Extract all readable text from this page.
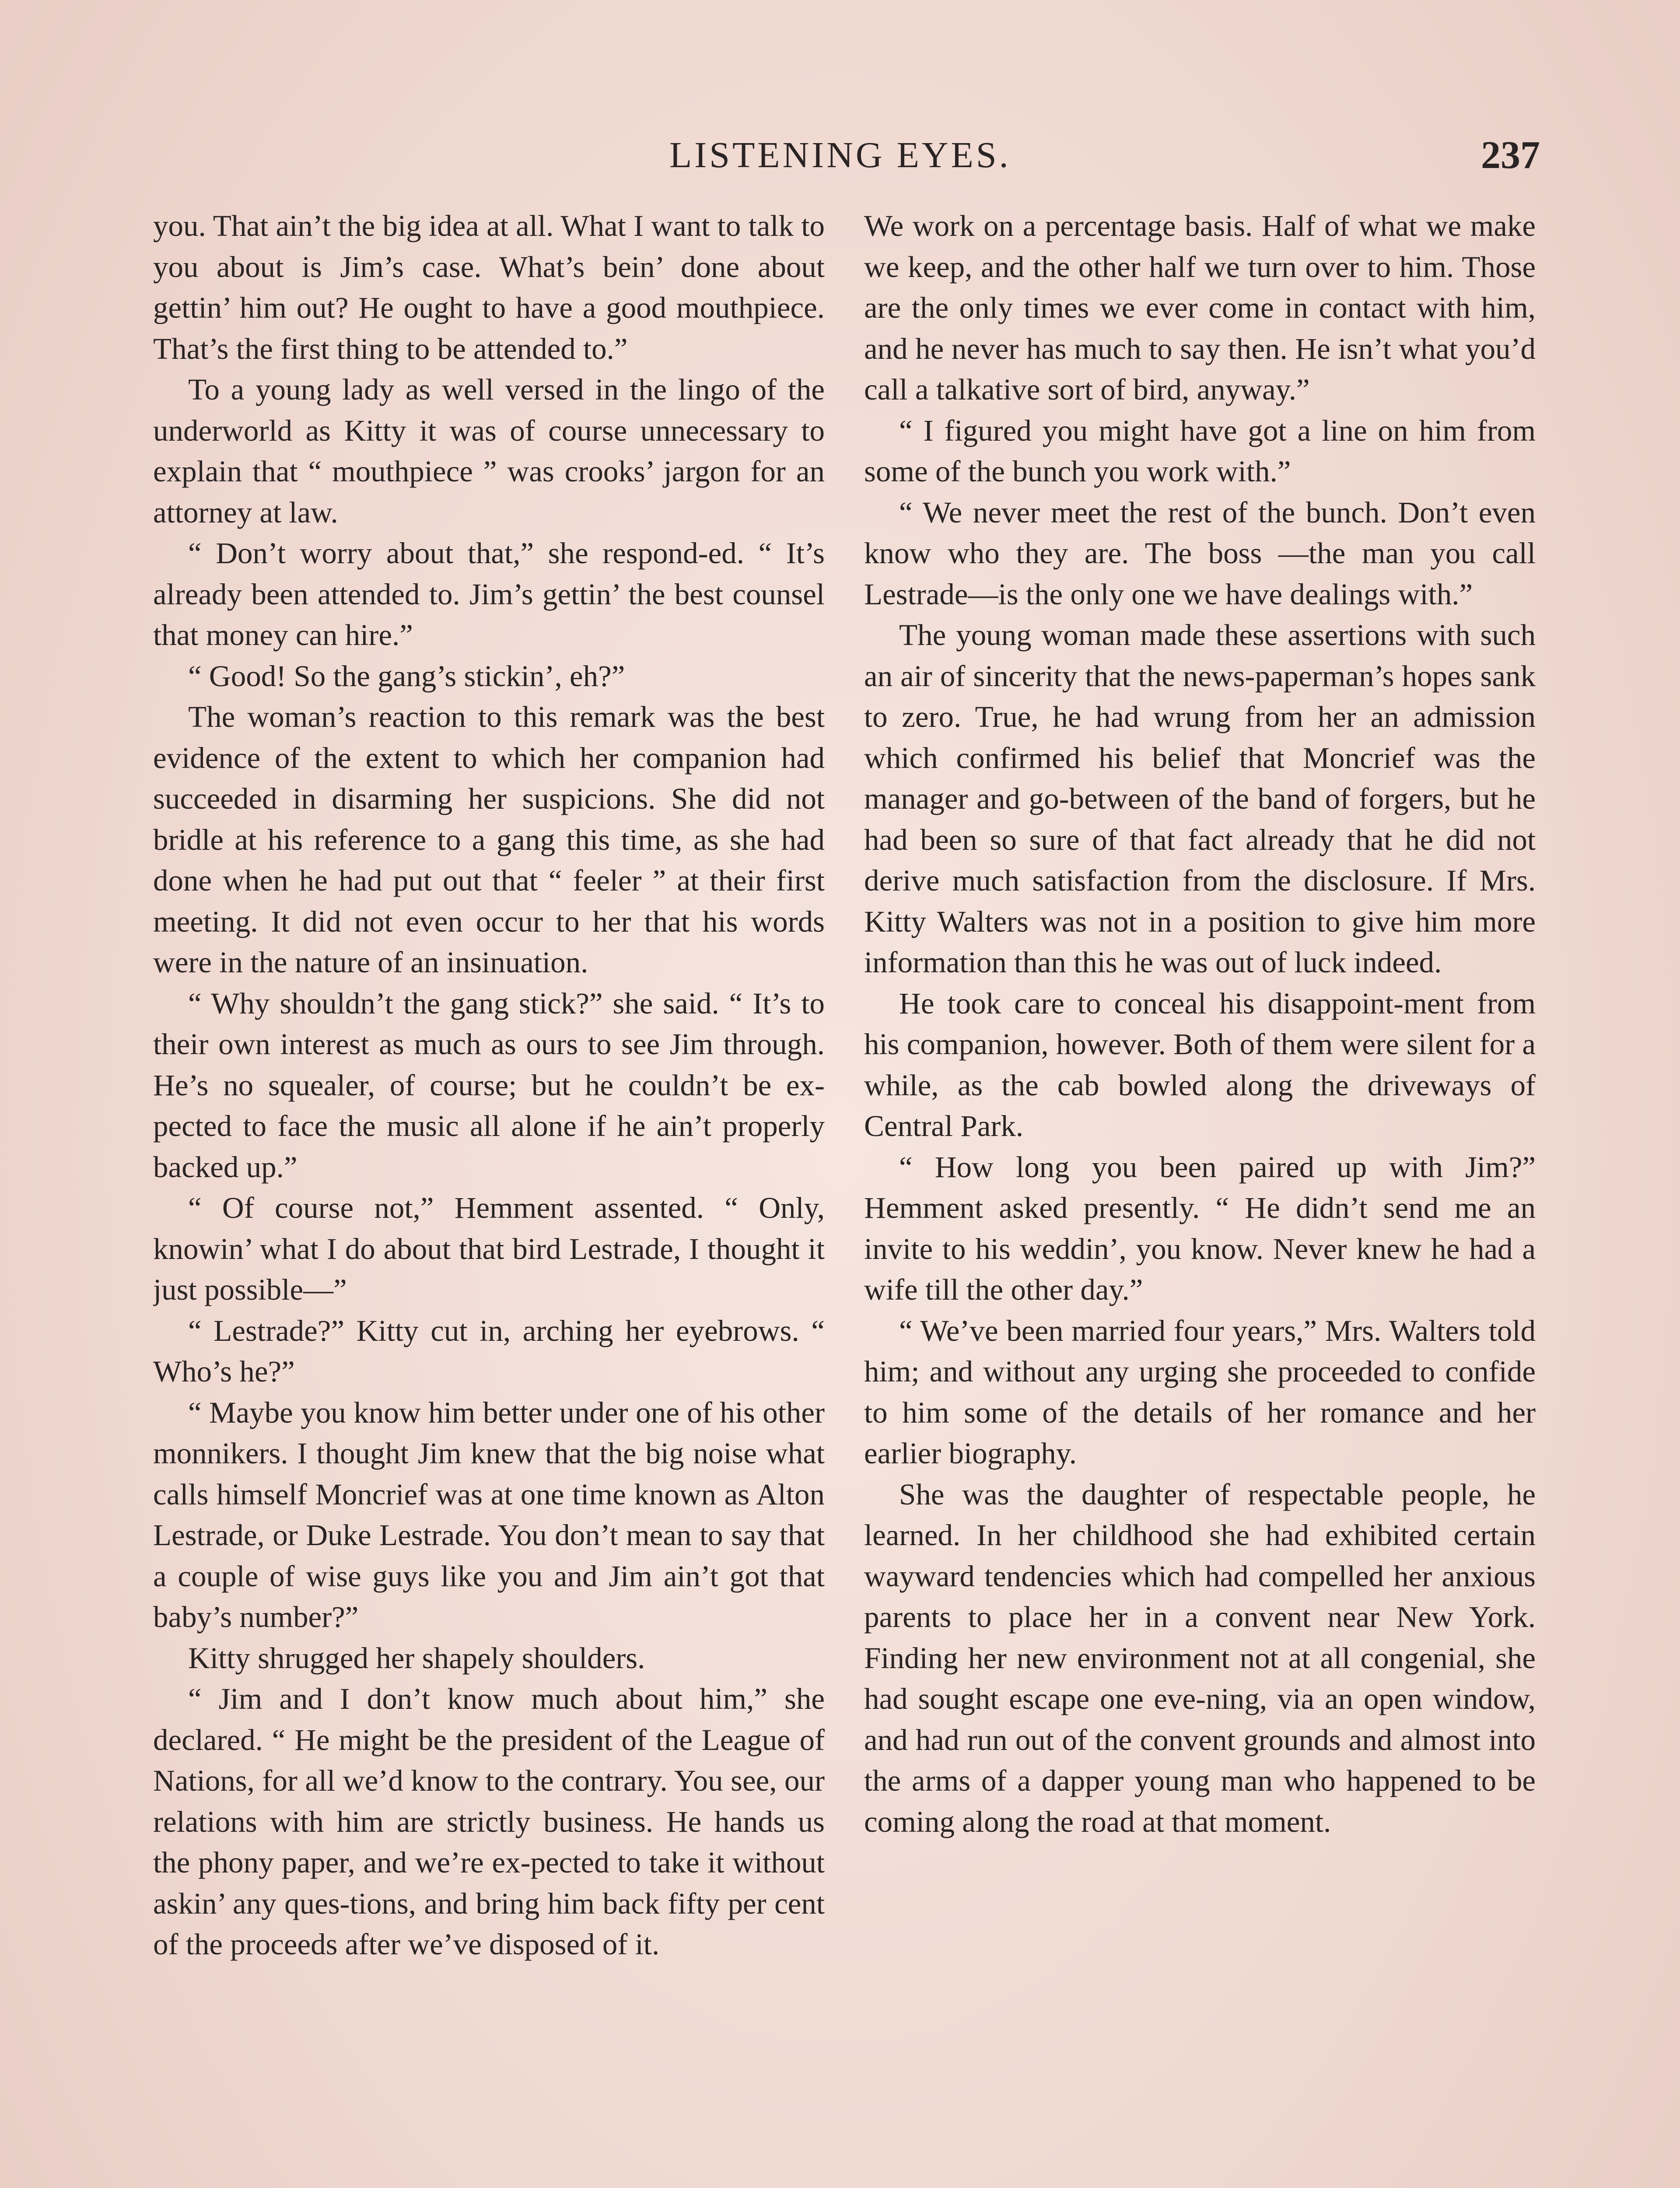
LISTENING EYES.	237

you. That ain’t the big idea at all. What I want to talk to you about is Jim’s case. What’s bein’ done about gettin’ him out? He ought to have a good mouthpiece. That’s the first thing to be attended to.”

To a young lady as well versed in the lingo of the underworld as Kitty it was of course unnecessary to explain that “ mouthpiece ” was crooks’ jargon for an attorney at law.

“ Don’t worry about that,” she respond-ed. “ It’s already been attended to. Jim’s gettin’ the best counsel that money can hire.”

“ Good! So the gang’s stickin’, eh?”

The woman’s reaction to this remark was the best evidence of the extent to which her companion had succeeded in disarming her suspicions. She did not bridle at his reference to a gang this time, as she had done when he had put out that “ feeler ” at their first meeting. It did not even occur to her that his words were in the nature of an insinuation.

“ Why shouldn’t the gang stick?” she said. “ It’s to their own interest as much as ours to see Jim through. He’s no squealer, of course; but he couldn’t be ex-pected to face the music all alone if he ain’t properly backed up.”

“ Of course not,” Hemment assented. “ Only, knowin’ what I do about that bird Lestrade, I thought it just possible—”

“ Lestrade?” Kitty cut in, arching her eyebrows. “ Who’s he?”

“ Maybe you know him better under one of his other monnikers. I thought Jim knew that the big noise what calls himself Moncrief was at one time known as Alton Lestrade, or Duke Lestrade. You don’t mean to say that a couple of wise guys like you and Jim ain’t got that baby’s number?”

Kitty shrugged her shapely shoulders.

“ Jim and I don’t know much about him,” she declared. “ He might be the president of the League of Nations, for all we’d know to the contrary. You see, our relations with him are strictly business. He hands us the phony paper, and we’re ex-pected to take it without askin’ any ques-tions, and bring him back fifty per cent of the proceeds after we’ve disposed of it.

We work on a percentage basis. Half of what we make we keep, and the other half we turn over to him. Those are the only times we ever come in contact with him, and he never has much to say then. He isn’t what you’d call a talkative sort of bird, anyway.”

“ I figured you might have got a line on him from some of the bunch you work with.”

“ We never meet the rest of the bunch. Don’t even know who they are. The boss —the man you call Lestrade—is the only one we have dealings with.”

The young woman made these assertions with such an air of sincerity that the news-paperman’s hopes sank to zero. True, he had wrung from her an admission which confirmed his belief that Moncrief was the manager and go-between of the band of forgers, but he had been so sure of that fact already that he did not derive much satisfaction from the disclosure. If Mrs. Kitty Walters was not in a position to give him more information than this he was out of luck indeed.

He took care to conceal his disappoint-ment from his companion, however. Both of them were silent for a while, as the cab bowled along the driveways of Central Park.

“ How long you been paired up with Jim?” Hemment asked presently. “ He didn’t send me an invite to his weddin’, you know. Never knew he had a wife till the other day.”

“ We’ve been married four years,” Mrs. Walters told him; and without any urging she proceeded to confide to him some of the details of her romance and her earlier biography.

She was the daughter of respectable people, he learned. In her childhood she had exhibited certain wayward tendencies which had compelled her anxious parents to place her in a convent near New York. Finding her new environment not at all congenial, she had sought escape one eve-ning, via an open window, and had run out of the convent grounds and almost into the arms of a dapper young man who happened to be coming along the road at that moment.
